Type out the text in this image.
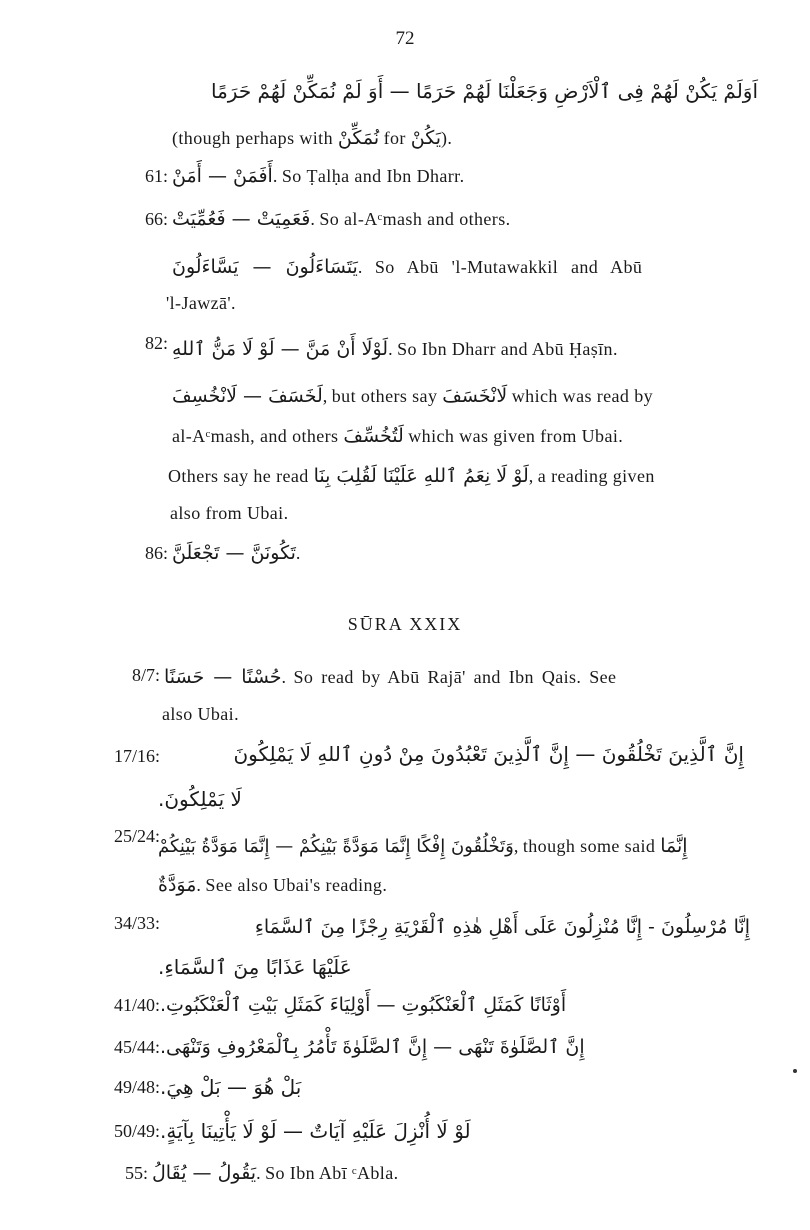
72
اَوَلَمْ يَكُنْ لَهُمْ فِى ٱلْاَرْضِ وَجَعَلْنَا لَهُمْ حَرَمًا — أَوَ لَمْ نُمَكِّنْ لَهُمْ حَرَمًا
(though perhaps with نُمَكِّنْ for يَكُنْ).
61: أَفَمَنْ — أَمَنْ. So Ṭalḥa and Ibn Dharr.
66: فَعَمِيَتْ — فَعُمِّيَتْ. So al-Aᶜmash and others.
يَتَسَاءَلُونَ — يَسَّاءَلُونَ. So Abū 'l-Mutawakkil and Abū
'l-Jawzā'.
82: لَوْلَا أَنْ مَنَّ — لَوْ لَا مَنُّ ٱللهِ. So Ibn Dharr and Abū Ḥaṣīn.
لَخَسَفَ — لَانْخُسِفَ, but others say لَانْخَسَفَ which was read by
al-Aᶜmash, and others لَتُخُسِّفَ which was given from Ubai.
Others say he read لَوْ لَا نِعَمُ ٱللهِ عَلَيْنَا لَقُلِبَ بِنَا, a reading given
also from Ubai.
86: تَكُونَنَّ — تَجْعَلَنَّ.
SŪRA XXIX
8/7: حُسْنًا — حَسَنًا. So read by Abū Rajā' and Ibn Qais. See
also Ubai.
17/16:	إِنَّ ٱلَّذِينَ تَخْلُقُونَ — إِنَّ ٱلَّذِينَ تَعْبُدُونَ مِنْ دُونِ ٱللهِ لَا يَمْلِكُونَ
لَا يَمْلِكُونَ.
25/24:
وَتَخْلُقُونَ إِفْكًا إِنَّمَا مَوَدَّةً بَيْنِكُمْ — إِنَّمَا مَوَدَّةُ بَيْنِكُمْ, though some said إِنَّمَا
مَوَدَّةٌ. See also Ubai's reading.
34/33:	إِنَّا مُرْسِلُونَ - إِنَّا مُنْزِلُونَ عَلَى أَهْلِ هٰذِهِ ٱلْقَرْيَةِ رِجْزًا مِنَ ٱلسَّمَاءِ
عَلَيْهَا عَذَابًا مِنَ ٱلسَّمَاءِ.
41/40: أَوْثَانًا كَمَثَلِ ٱلْعَنْكَبُوتِ — أَوْلِيَاءَ كَمَثَلِ بَيْتِ ٱلْعَنْكَبُوتِ.
45/44: إِنَّ ٱلصَّلَوٰةَ تَنْهَى — إِنَّ ٱلصَّلَوٰةَ تَأْمُرُ بِٱلْمَعْرُوفِ وَتَنْهَى.
49/48: بَلْ هُوَ — بَلْ هِيَ.
50/49: لَوْ لَا أُنْزِلَ عَلَيْهِ آيَاتٌ — لَوْ لَا يَأْتِينَا بِآيَةٍ.
55: يَقُولُ — يُقَالُ. So Ibn Abī ᶜAbla.
